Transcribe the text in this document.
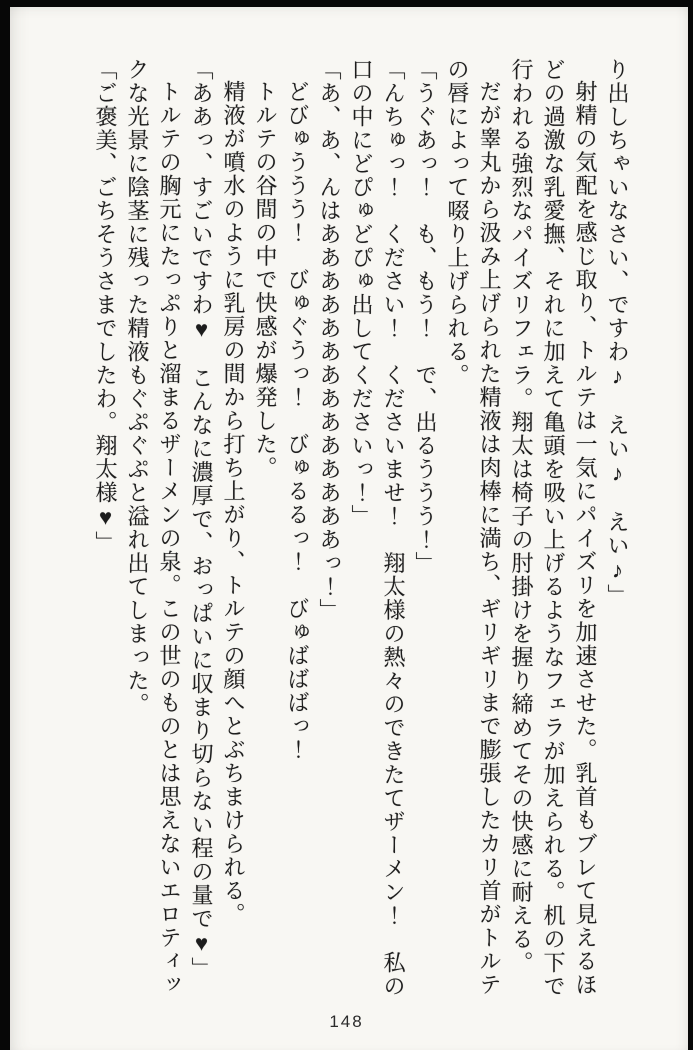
り出しちゃいなさい、ですわ♪　えい♪　えい♪」
射精の気配を感じ取り、トルテは一気にパイズリを加速させた。乳首もブレて見えるほ
どの過激な乳愛撫、それに加えて亀頭を吸い上げるようなフェラが加えられる。机の下で
行われる強烈なパイズリフェラ。翔太は椅子の肘掛けを握り締めてその快感に耐える。
だが睾丸から汲み上げられた精液は肉棒に満ち、ギリギリまで膨張したカリ首がトルテ
の唇によって啜り上げられる。
「うぐあっ！　も、もう！　で、出るううう！」
「んちゅっ！　ください！　くださいませ！　翔太様の熱々のできたてザーメン！　私の
口の中にどぴゅどぴゅ出してくださいっ！」
「あ、あ、んはああああああああああああああっ！」
どびゅううう！　びゅぐうっ！　びゅるるっ！　びゅばばばっ！
トルテの谷間の中で快感が爆発した。
精液が噴水のように乳房の間から打ち上がり、トルテの顔へとぶちまけられる。
「ああっ、すごいですわ♥　こんなに濃厚で、おっぱいに収まり切らない程の量で♥」
トルテの胸元にたっぷりと溜まるザーメンの泉。この世のものとは思えないエロティッ
クな光景に陰茎に残った精液もぐぷぐぷと溢れ出てしまった。
「ご褒美、ごちそうさまでしたわ。翔太様♥」
148
